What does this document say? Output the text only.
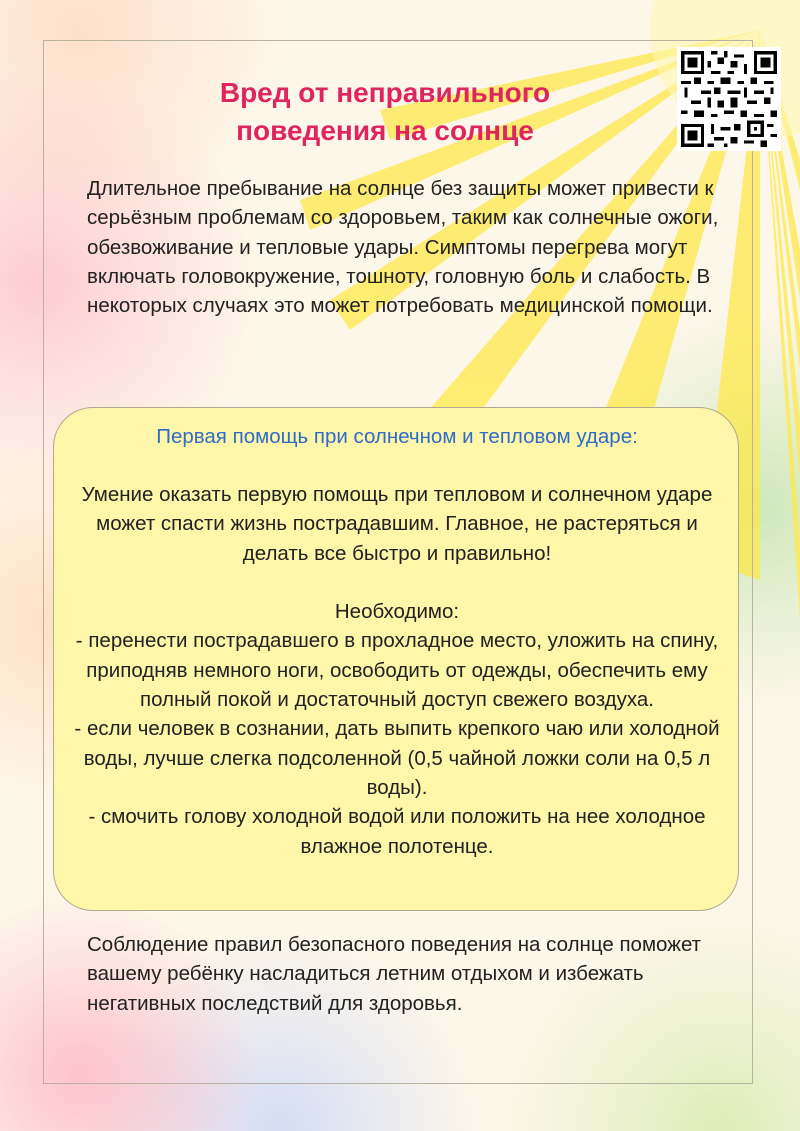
Вред от неправильного
поведения на солнце
Длительное пребывание на солнце без защиты может привести к серьёзным проблемам со здоровьем, таким как солнечные ожоги, обезвоживание и тепловые удары. Симптомы перегрева могут включать головокружение, тошноту, головную боль и слабость. В некоторых случаях это может потребовать медицинской помощи.
Первая помощь при солнечном и тепловом ударе:

Умение оказать первую помощь при тепловом и солнечном ударе может спасти жизнь пострадавшим. Главное, не растеряться и делать все быстро и правильно!

Необходимо:

- перенести пострадавшего в прохладное место, уложить на спину, приподняв немного ноги, освободить от одежды, обеспечить ему полный покой и достаточный доступ свежего воздуха.

- если человек в сознании, дать выпить крепкого чаю или холодной воды, лучше слегка подсоленной (0,5 чайной ложки соли на 0,5 л воды).

- смочить голову холодной водой или положить на нее холодное влажное полотенце.

Соблюдение правил безопасного поведения на солнце поможет вашему ребёнку насладиться летним отдыхом и избежать негативных последствий для здоровья.
